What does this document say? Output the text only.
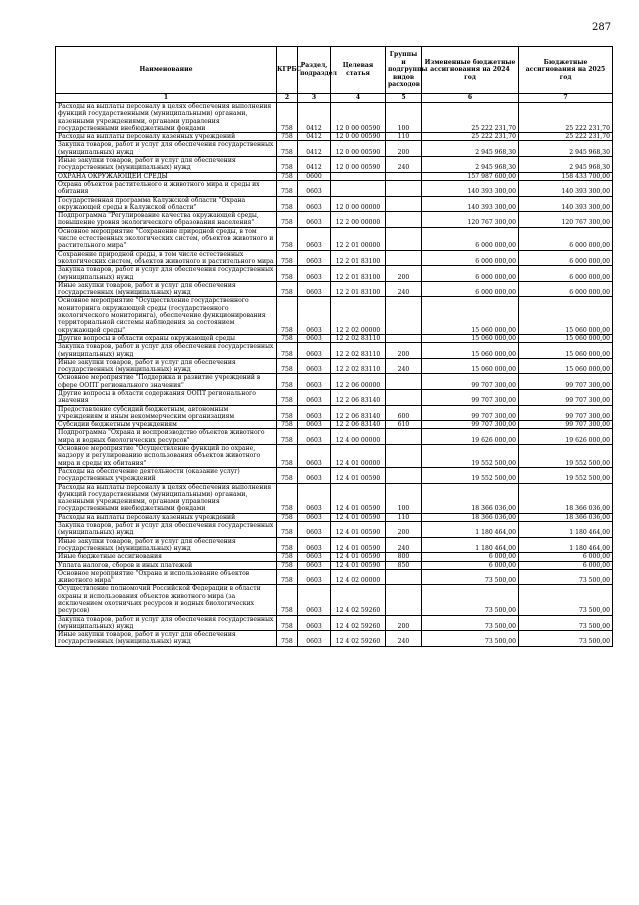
287
Наименование	КГРБС	Раздел, подраздел	Целевая статья	Группы и подгруппы видов расходов	Измененные бюджетные ассигнования на 2024 год	Бюджетные ассигнования на 2025 год
1	2	3	4	5	6	7
Расходы на выплаты персоналу в целях обеспечения выполнения функций государственными (муниципальными) органами, казенными учреждениями, органами управления государственными внебюджетными фондами	758	0412	12 0 00 00590	100	25 222 231,70	25 222 231,70
Расходы на выплаты персоналу казенных учреждений	758	0412	12 0 00 00590	110	25 222 231,70	25 222 231,70
Закупка товаров, работ и услуг для обеспечения государственных (муниципальных) нужд	758	0412	12 0 00 00590	200	2 945 968,30	2 945 968,30
Иные закупки товаров, работ и услуг для обеспечения государственных (муниципальных) нужд	758	0412	12 0 00 00590	240	2 945 968,30	2 945 968,30
ОХРАНА ОКРУЖАЮЩЕЙ СРЕДЫ	758	0600			157 987 600,00	158 433 700,00
Охрана объектов растительного и животного мира и среды их обитания	758	0603			140 393 300,00	140 393 300,00
Государственная программа Калужской области "Охрана окружающей среды в Калужской области"	758	0603	12 0 00 00000		140 393 300,00	140 393 300,00
Подпрограмма "Регулирование качества окружающей среды, повышение уровня экологического образования населения"	758	0603	12 2 00 00000		120 767 300,00	120 767 300,00
Основное мероприятие "Сохранение природной среды, в том числе естественных экологических систем, объектов животного и растительного мира"	758	0603	12 2 01 00000		6 000 000,00	6 000 000,00
Сохранение природной среды, в том числе естественных экологических систем, объектов животного и растительного мира	758	0603	12 2 01 83100		6 000 000,00	6 000 000,00
Закупка товаров, работ и услуг для обеспечения государственных (муниципальных) нужд	758	0603	12 2 01 83100	200	6 000 000,00	6 000 000,00
Иные закупки товаров, работ и услуг для обеспечения государственных (муниципальных) нужд	758	0603	12 2 01 83100	240	6 000 000,00	6 000 000,00
Основное мероприятие "Осуществление государственного мониторинга окружающей среды (государственного экологического мониторинга), обеспечение функционирования территориальной системы наблюдения за состоянием окружающей среды"	758	0603	12 2 02 00000		15 060 000,00	15 060 000,00
Другие вопросы в области охраны окружающей среды	758	0603	12 2 02 83110		15 060 000,00	15 060 000,00
Закупка товаров, работ и услуг для обеспечения государственных (муниципальных) нужд	758	0603	12 2 02 83110	200	15 060 000,00	15 060 000,00
Иные закупки товаров, работ и услуг для обеспечения государственных (муниципальных) нужд	758	0603	12 2 02 83110	240	15 060 000,00	15 060 000,00
Основное мероприятие "Поддержка и развитие учреждений в сфере ООПТ регионального значения"	758	0603	12 2 06 00000		99 707 300,00	99 707 300,00
Другие вопросы в области содержания ООПТ регионального значения	758	0603	12 2 06 83140		99 707 300,00	99 707 300,00
Предоставление субсидий бюджетным, автономным учреждениям и иным некоммерческим организациям	758	0603	12 2 06 83140	600	99 707 300,00	99 707 300,00
Субсидии бюджетным учреждениям	758	0603	12 2 06 83140	610	99 707 300,00	99 707 300,00
Подпрограмма "Охрана и воспроизводство объектов животного мира и водных биологических ресурсов"	758	0603	12 4 00 00000		19 626 000,00	19 626 000,00
Основное мероприятие "Осуществление функций по охране, надзору и регулированию использования объектов животного мира и среды их обитания"	758	0603	12 4 01 00000		19 552 500,00	19 552 500,00
Расходы на обеспечение деятельности (оказание услуг) государственных учреждений	758	0603	12 4 01 00590		19 552 500,00	19 552 500,00
Расходы на выплаты персоналу в целях обеспечения выполнения функций государственными (муниципальными) органами, казенными учреждениями, органами управления государственными внебюджетными фондами	758	0603	12 4 01 00590	100	18 366 036,00	18 366 036,00
Расходы на выплаты персоналу казенных учреждений	758	0603	12 4 01 00590	110	18 366 036,00	18 366 036,00
Закупка товаров, работ и услуг для обеспечения государственных (муниципальных) нужд	758	0603	12 4 01 00590	200	1 180 464,00	1 180 464,00
Иные закупки товаров, работ и услуг для обеспечения государственных (муниципальных) нужд	758	0603	12 4 01 00590	240	1 180 464,00	1 180 464,00
Иные бюджетные ассигнования	758	0603	12 4 01 00590	800	6 000,00	6 000,00
Уплата налогов, сборов и иных платежей	758	0603	12 4 01 00590	850	6 000,00	6 000,00
Основное мероприятие "Охрана и использование объектов животного мира"	758	0603	12 4 02 00000		73 500,00	73 500,00
Осуществление полномочий Российской Федерации в области охраны и использования объектов животного мира (за исключением охотничьих ресурсов и водных биологических ресурсов)	758	0603	12 4 02 59260		73 500,00	73 500,00
Закупка товаров, работ и услуг для обеспечения государственных (муниципальных) нужд	758	0603	12 4 02 59260	200	73 500,00	73 500,00
Иные закупки товаров, работ и услуг для обеспечения государственных (муниципальных) нужд	758	0603	12 4 02 59260	240	73 500,00	73 500,00
